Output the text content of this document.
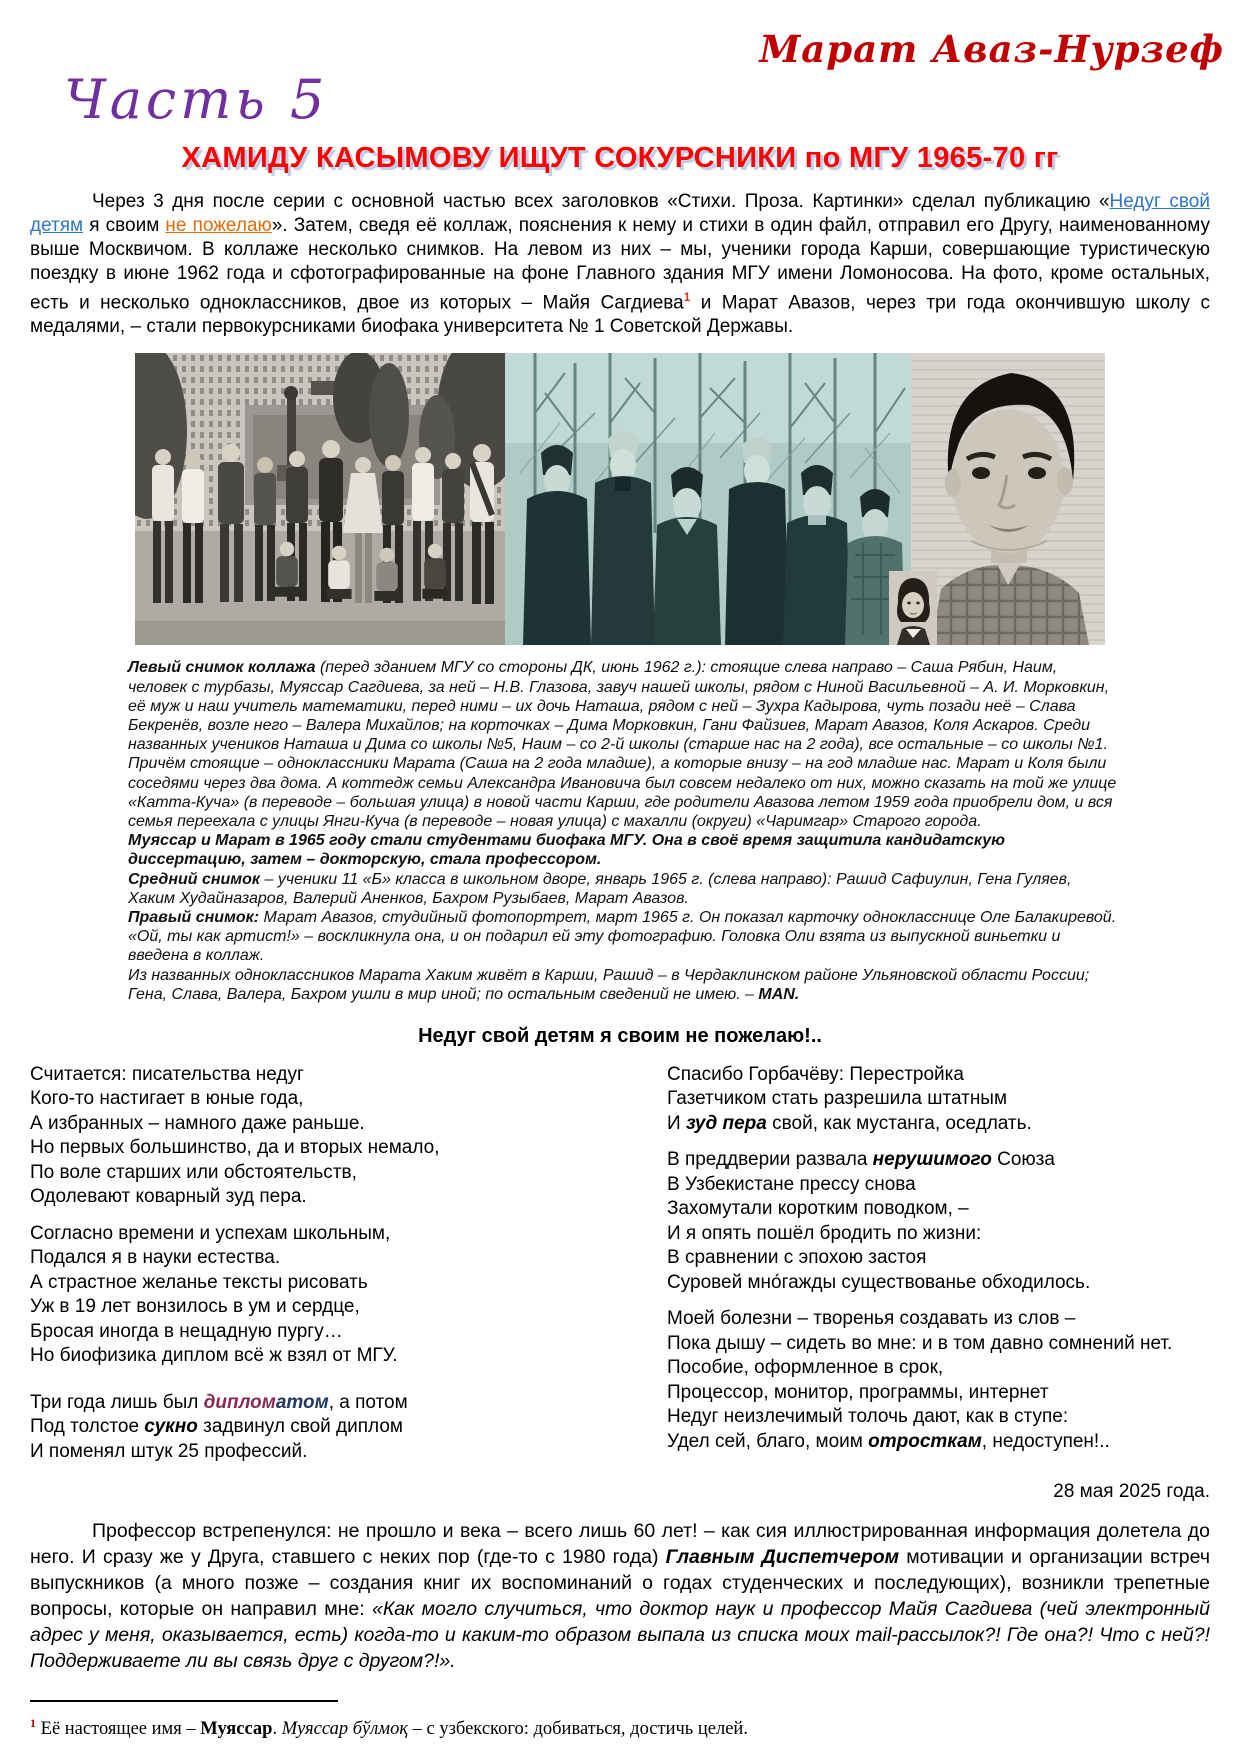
Марат Аваз-Нурзеф
Часть 5
ХАМИДУ КАСЫМОВУ ИЩУТ СОКУРСНИКИ по МГУ 1965-70 гг

Через 3 дня после серии с основной частью всех заголовков «Стихи. Проза. Картинки» сделал публикацию «Недуг свой детям я своим не пожелаю». Затем, сведя её коллаж, пояснения к нему и стихи в один файл, отправил его Другу, наименованному выше Москвичом. В коллаже несколько снимков. На левом из них – мы, ученики города Карши, совершающие туристическую поездку в июне 1962 года и сфотографированные на фоне Главного здания МГУ имени Ломоносова. На фото, кроме остальных, есть и несколько одноклассников, двое из которых – Майя Сагдиева$^1$ и Марат Авазов, через три года окончившую школу с медалями, – стали первокурсниками биофака университета № 1 Советской Державы.

Левый снимок коллажа (перед зданием МГУ со стороны ДК, июнь 1962 г.): стоящие слева направо – Саша Рябин, Наим, человек с турбазы, Муяссар Сагдиева, за ней – Н.В. Глазова, завуч нашей школы, рядом с Ниной Васильевной – А. И. Морковкин, её муж и наш учитель математики, перед ними – их дочь Наташа, рядом с ней – Зухра Кадырова, чуть позади неё – Слава Бекренёв, возле него – Валера Михайлов; на корточках – Дима Морковкин, Гани Файзиев, Марат Авазов, Коля Аскаров. Среди названных учеников Наташа и Дима со школы №5, Наим – со 2-й школы (старше нас на 2 года), все остальные – со школы №1. Причём стоящие – одноклассники Марата (Саша на 2 года младше), а которые внизу – на год младше нас. Марат и Коля были соседями через два дома. А коттедж семьи Александра Ивановича был совсем недалеко от них, можно сказать на той же улице «Катта-Куча» (в переводе – большая улица) в новой части Карши, где родители Авазова летом 1959 года приобрели дом, и вся семья переехала с улицы Янги-Куча (в переводе – новая улица) с махалли (округи) «Чаримгар» Старого города.

Муяссар и Марат в 1965 году стали студентами биофака МГУ. Она в своё время защитила кандидатскую диссертацию, затем – докторскую, стала профессором.

Средний снимок – ученики 11 «Б» класса в школьном дворе, январь 1965 г. (слева направо): Рашид Сафиулин, Гена Гуляев, Хаким Худайназаров, Валерий Аненков, Бахром Рузыбаев, Марат Авазов.

Правый снимок: Марат Авазов, студийный фотопортрет, март 1965 г. Он показал карточку однокласснице Оле Балакиревой. «Ой, ты как артист!» – воскликнула она, и он подарил ей эту фотографию. Головка Оли взята из выпускной виньетки и введена в коллаж.

Из названных одноклассников Марата Хаким живёт в Карши, Рашид – в Чердаклинском районе Ульяновской области России; Гена, Слава, Валера, Бахром ушли в мир иной; по остальным сведений не имею. – MAN.

Недуг свой детям я своим не пожелаю!..

Считается: писательства недуг
Кого-то настигает в юные года,
А избранных – намного даже раньше.
Но первых большинство, да и вторых немало,
По воле старших или обстоятельств,
Одолевают коварный зуд пера.

Согласно времени и успехам школьным,
Подался я в науки естества.
А страстное желанье тексты рисовать
Уж в 19 лет вонзилось в ум и сердце,
Бросая иногда в нещадную пургу…
Но биофизика диплом всё ж взял от МГУ.

Три года лишь был дипломатом, а потом
Под толстое сукно задвинул свой диплом
И поменял штук 25 профессий.

Спасибо Горбачёву: Перестройка
Газетчиком стать разрешила штатным
И зуд пера свой, как мустанга, оседлать.

В преддверии развала нерушимого Союза
В Узбекистане прессу снова
Захомутали коротким поводком, –
И я опять пошёл бродить по жизни:
В сравнении с эпохою застоя
Суровей мно́гажды существованье обходилось.

Моей болезни – творенья создавать из слов –
Пока дышу – сидеть во мне: и в том давно сомнений нет.
Пособие, оформленное в срок,
Процессор, монитор, программы, интернет
Недуг неизлечимый толочь дают, как в ступе:
Удел сей, благо, моим отросткам, недоступен!..

28 мая 2025 года.

Профессор встрепенулся: не прошло и века – всего лишь 60 лет! – как сия иллюстрированная информация долетела до него. И сразу же у Друга, ставшего с неких пор (где-то с 1980 года) Главным Диспетчером мотивации и организации встреч выпускников (а много позже – создания книг их воспоминаний о годах студенческих и последующих), возникли трепетные вопросы, которые он направил мне: «Как могло случиться, что доктор наук и профессор Майя Сагдиева (чей электронный адрес у меня, оказывается, есть) когда-то и каким-то образом выпала из списка моих mail-рассылок?! Где она?! Что с ней?! Поддерживаете ли вы связь друг с другом?!».

$^1$ Её настоящее имя – Муяссар. Муяссар бўлмоқ – с узбекского: добиваться, достичь целей.
